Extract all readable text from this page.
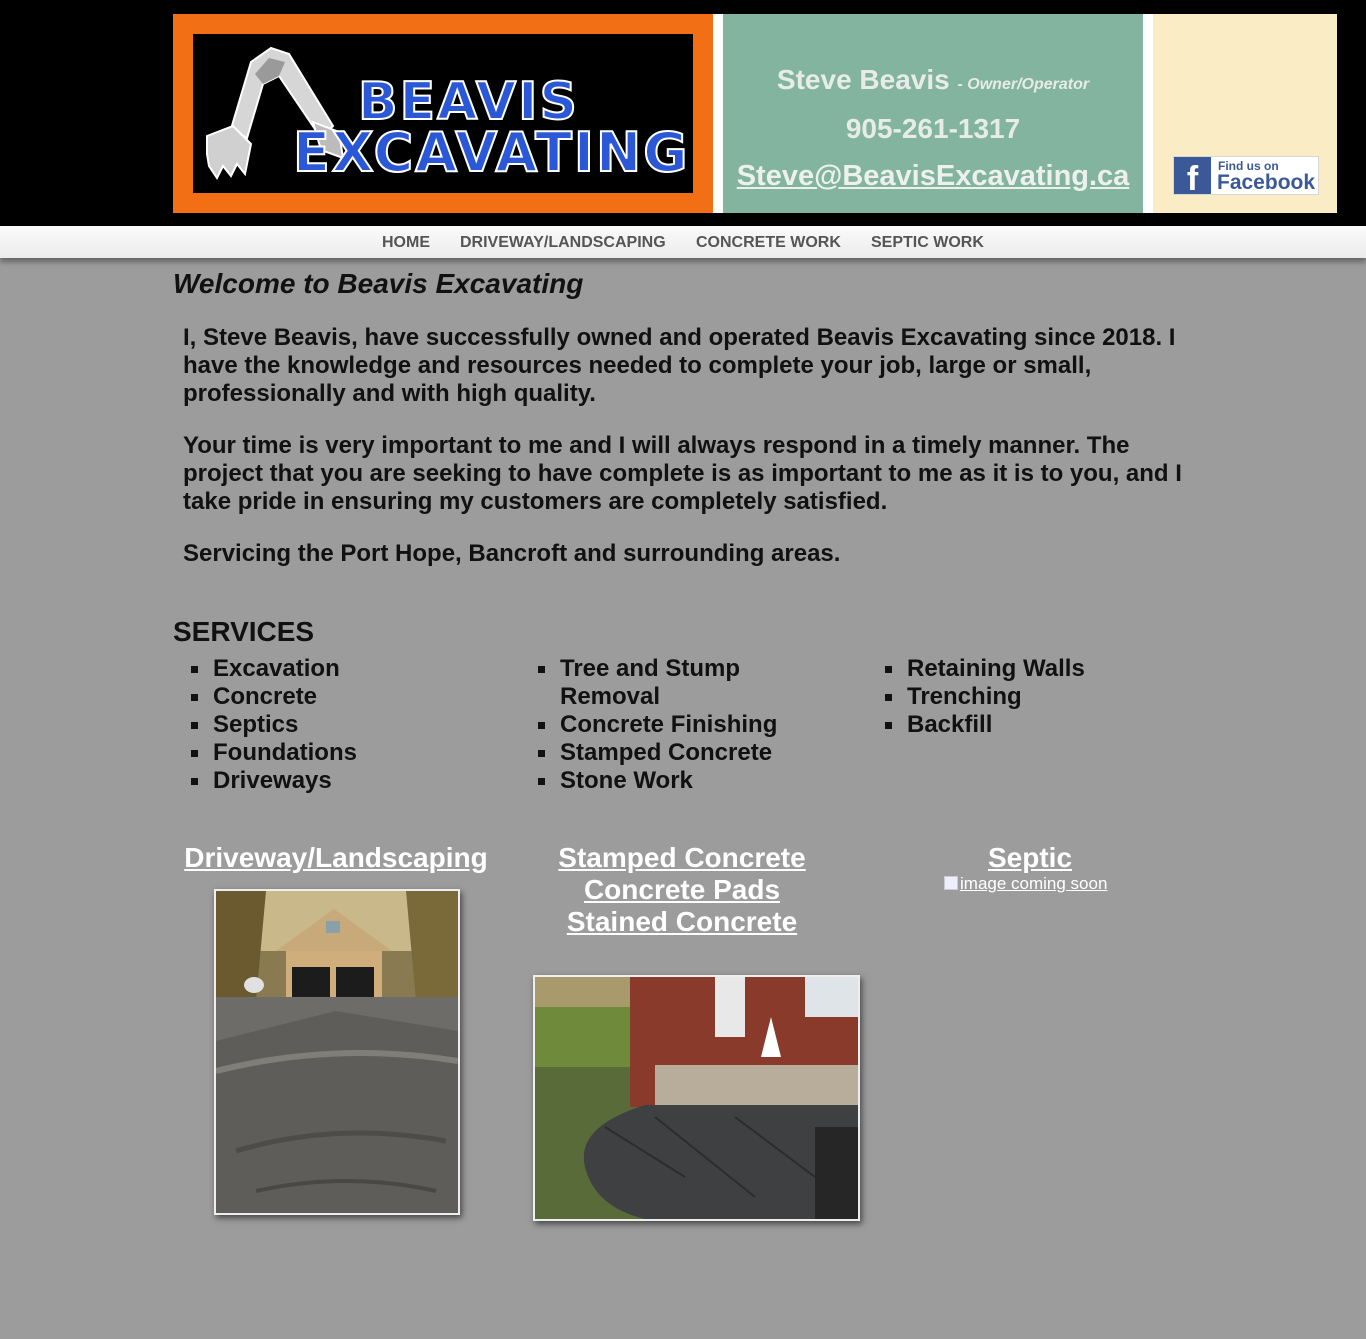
BEAVIS
EXCAVATING
Steve Beavis - Owner/Operator
905-261-1317
Steve@BeavisExcavating.ca	f	Find us on
Facebook
HOME DRIVEWAY/LANDSCAPING CONCRETE WORK SEPTIC WORK
Welcome to Beavis Excavating
I, Steve Beavis, have successfully owned and operated Beavis Excavating since 2018. I have the knowledge and resources needed to complete your job, large or small, professionally and with high quality.
Your time is very important to me and I will always respond in a timely manner. The project that you are seeking to have complete is as important to me as it is to you, and I take pride in ensuring my customers are completely satisfied.
Servicing the Port Hope, Bancroft and surrounding areas.
SERVICES
Excavation
Concrete
Septics
Foundations
Driveways
Tree and Stump Removal
Concrete Finishing
Stamped Concrete
Stone Work
Retaining Walls
Trenching
Backfill
Driveway/Landscaping	Stamped Concrete
Concrete Pads
Stained Concrete
Septic
image coming soon
